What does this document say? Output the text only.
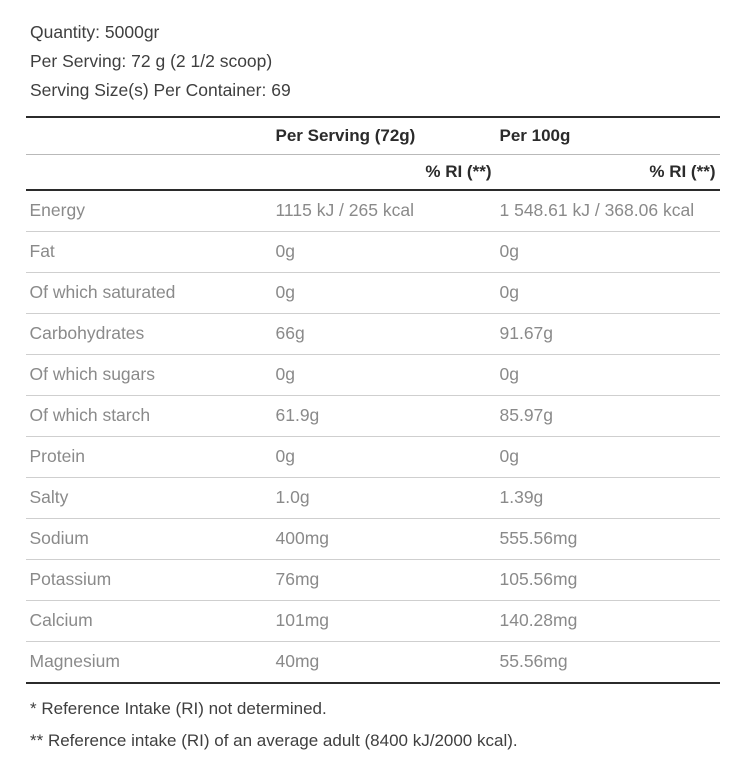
Quantity: 5000gr
Per Serving: 72 g (2 1/2 scoop)
Serving Size(s) Per Container: 69
	Per Serving (72g)	Per 100g
	% RI (**)	% RI (**)
Energy	1115 kJ / 265 kcal	1 548.61 kJ / 368.06 kcal
Fat	0g	0g
Of which saturated	0g	0g
Carbohydrates	66g	91.67g
Of which sugars	0g	0g
Of which starch	61.9g	85.97g
Protein	0g	0g
Salty	1.0g	1.39g
Sodium	400mg	555.56mg
Potassium	76mg	105.56mg
Calcium	101mg	140.28mg
Magnesium	40mg	55.56mg
* Reference Intake (RI) not determined.
** Reference intake (RI) of an average adult (8400 kJ/2000 kcal).
